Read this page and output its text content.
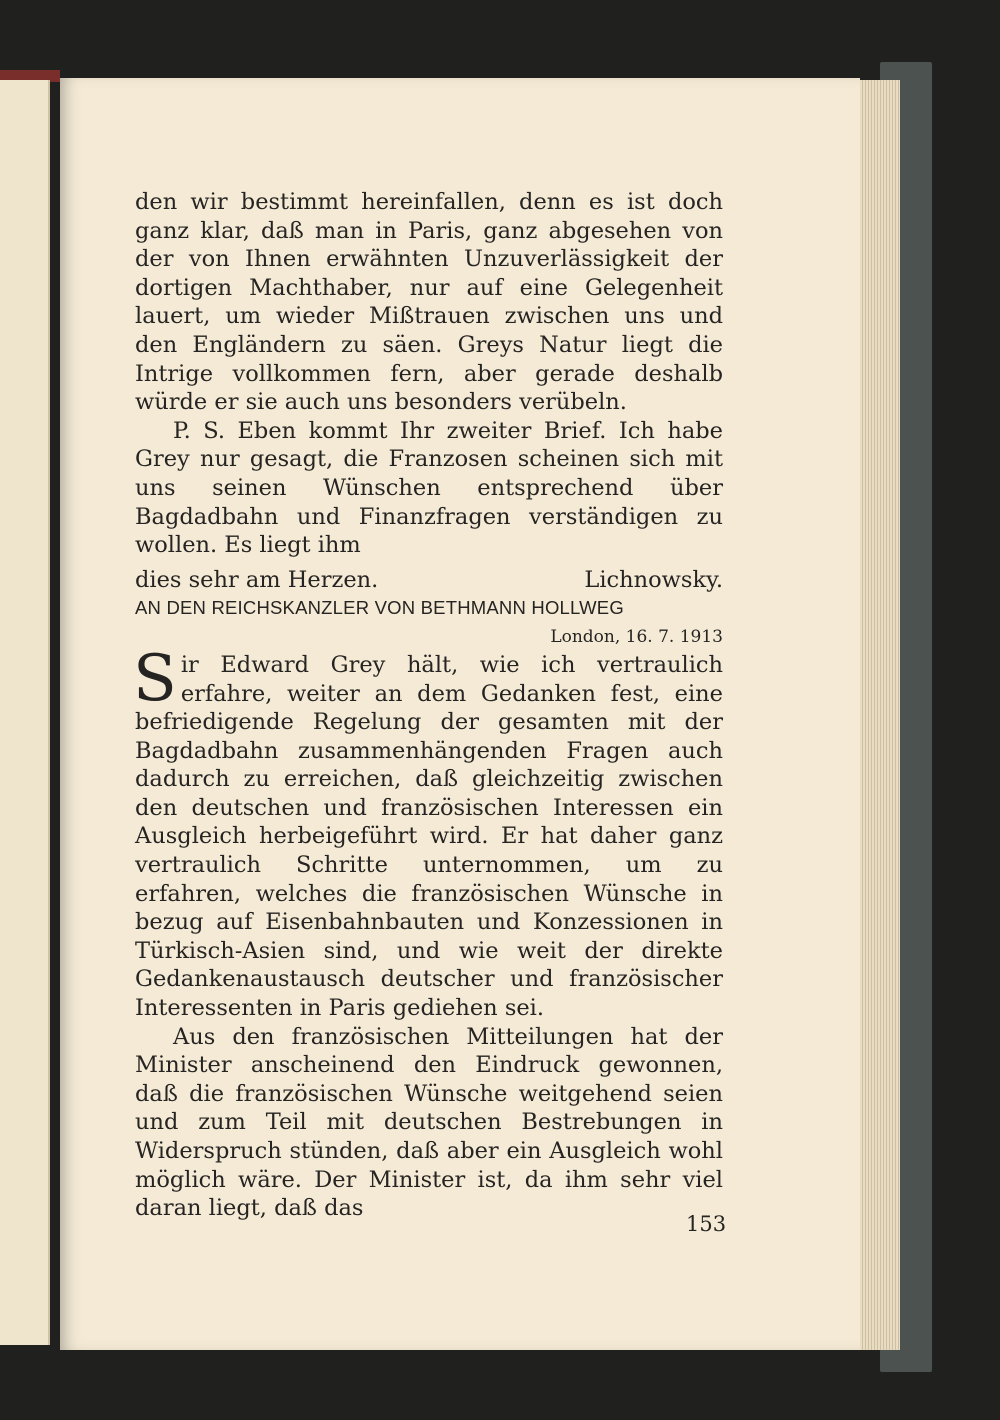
den wir bestimmt hereinfallen, denn es ist doch ganz klar, daß man in Paris, ganz abgesehen von der von Ihnen erwähnten Unzuverlässigkeit der dortigen Machthaber, nur auf eine Gelegenheit lauert, um wieder Mißtrauen zwischen uns und den Engländern zu säen. Greys Natur liegt die Intrige vollkommen fern, aber gerade deshalb würde er sie auch uns besonders verübeln.

P. S. Eben kommt Ihr zweiter Brief. Ich habe Grey nur gesagt, die Franzosen scheinen sich mit uns seinen Wünschen entsprechend über Bagdadbahn und Finanzfragen verständigen zu wollen. Es liegt ihm

dies sehr am Herzen.	Lichnowsky.

AN DEN REICHSKANZLER VON BETHMANN HOLLWEG

London, 16. 7. 1913

Sir Edward Grey hält, wie ich vertraulich erfahre, weiter an dem Gedanken fest, eine befriedigende Regelung der gesamten mit der Bagdadbahn zusammenhängenden Fragen auch dadurch zu erreichen, daß gleichzeitig zwischen den deutschen und französischen Interessen ein Ausgleich herbeigeführt wird. Er hat daher ganz vertraulich Schritte unternommen, um zu erfahren, welches die französischen Wünsche in bezug auf Eisenbahnbauten und Konzessionen in Türkisch-Asien sind, und wie weit der direkte Gedankenaustausch deutscher und französischer Interessenten in Paris gediehen sei.

Aus den französischen Mitteilungen hat der Minister anscheinend den Eindruck gewonnen, daß die französischen Wünsche weitgehend seien und zum Teil mit deutschen Bestrebungen in Widerspruch stünden, daß aber ein Ausgleich wohl möglich wäre. Der Minister ist, da ihm sehr viel daran liegt, daß das

153
